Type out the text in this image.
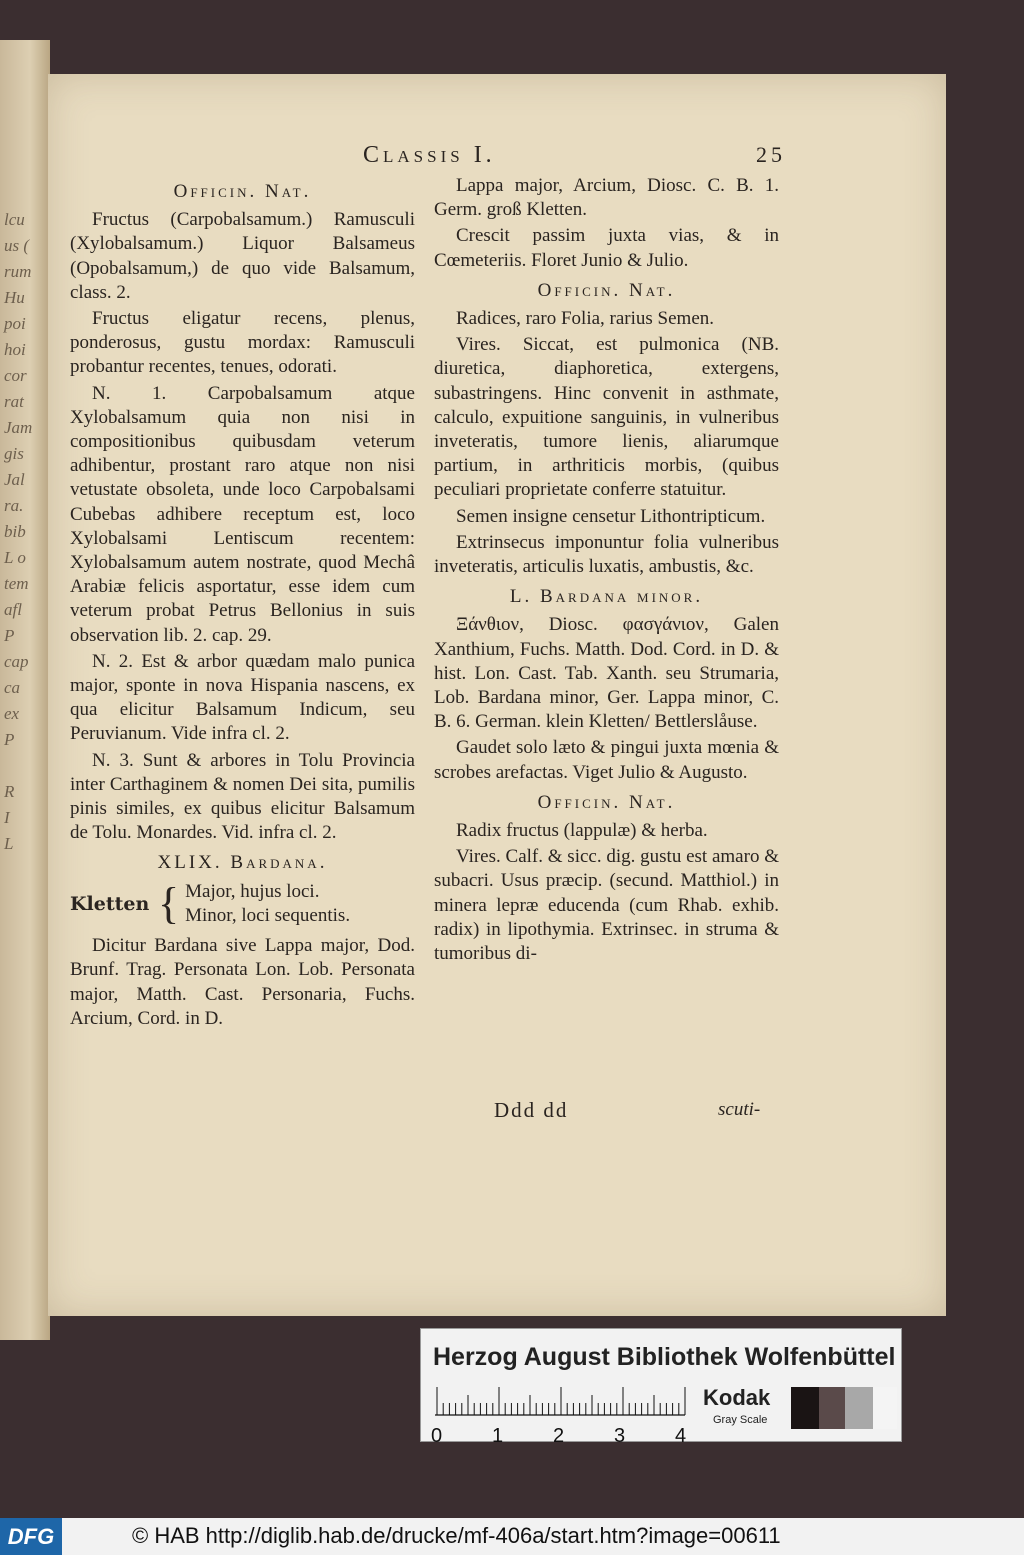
lcu
us (
rum
Hu
poi
hoi
cor
rat
Jam
gis
Jal
ra.
bib
L o
tem
afl
P
cap
ca
ex
P
R
I
L
Classis I.	25

Officin. Nat.

Fructus (Carpobalsamum.) Ramusculi (Xylobalsamum.) Liquor Balsameus (Opobalsamum,) de quo vide Balsamum, class. 2.

Fructus eligatur recens, plenus, ponderosus, gustu mordax: Ramusculi probantur recentes, tenues, odorati.

N. 1. Carpobalsamum atque Xylobalsamum quia non nisi in compositionibus quibusdam veterum adhibentur, prostant raro atque non nisi vetustate obsoleta, unde loco Carpobalsami Cubebas adhibere receptum est, loco Xylobalsami Lentiscum recentem: Xylobalsamum autem nostrate, quod Mechâ Arabiæ felicis asportatur, esse idem cum veterum probat Petrus Bellonius in suis observation lib. 2. cap. 29.

N. 2. Est & arbor quædam malo punica major, sponte in nova Hispania nascens, ex qua elicitur Balsamum Indicum, seu Peruvianum. Vide infra cl. 2.

N. 3. Sunt & arbores in Tolu Provincia inter Carthaginem & nomen Dei sita, pumilis pinis similes, ex quibus elicitur Balsamum de Tolu. Monardes. Vid. infra cl. 2.

XLIX. Bardana.

Kletten { Major, hujus loci.
Minor, loci sequentis.

Dicitur Bardana sive Lappa major, Dod. Brunf. Trag. Personata Lon. Lob. Personata major, Matth. Cast. Personaria, Fuchs. Arcium, Cord. in D.

Lappa major, Arcium, Diosc. C. B. 1. Germ. groß Kletten.

Crescit passim juxta vias, & in Cœmeteriis. Floret Junio & Julio.

Officin. Nat.

Radices, raro Folia, rarius Semen.

Vires. Siccat, est pulmonica (NB. diuretica, diaphoretica, extergens, subastringens. Hinc convenit in asthmate, calculo, expuitione sanguinis, in vulneribus inveteratis, tumore lienis, aliarumque partium, in arthriticis morbis, (quibus peculiari proprietate conferre statuitur.

Semen insigne censetur Lithontripticum.

Extrinsecus imponuntur folia vulneribus inveteratis, articulis luxatis, ambustis, &c.

L. Bardana minor.

Ξάνθιον, Diosc. φασγάνιον, Galen Xanthium, Fuchs. Matth. Dod. Cord. in D. & hist. Lon. Cast. Tab. Xanth. seu Strumaria, Lob. Bardana minor, Ger. Lappa minor, C. B. 6. German. klein Kletten/ Bettlerslåuse.

Gaudet solo læto & pingui juxta mœnia & scrobes arefactas. Viget Julio & Augusto.

Officin. Nat.

Radix fructus (lappulæ) & herba.

Vires. Calf. & sicc. dig. gustu est amaro & subacri. Usus præcip. (secund. Matthiol.) in minera lepræ educenda (cum Rhab. exhib. radix) in lipothymia. Extrinsec. in struma & tumoribus di-

Ddd dd	scuti-
Herzog August Bibliothek Wolfenbüttel
0 1 2 3 4
Kodak
Gray Scale
DFG	© HAB http://diglib.hab.de/drucke/mf-406a/start.htm?image=00611
